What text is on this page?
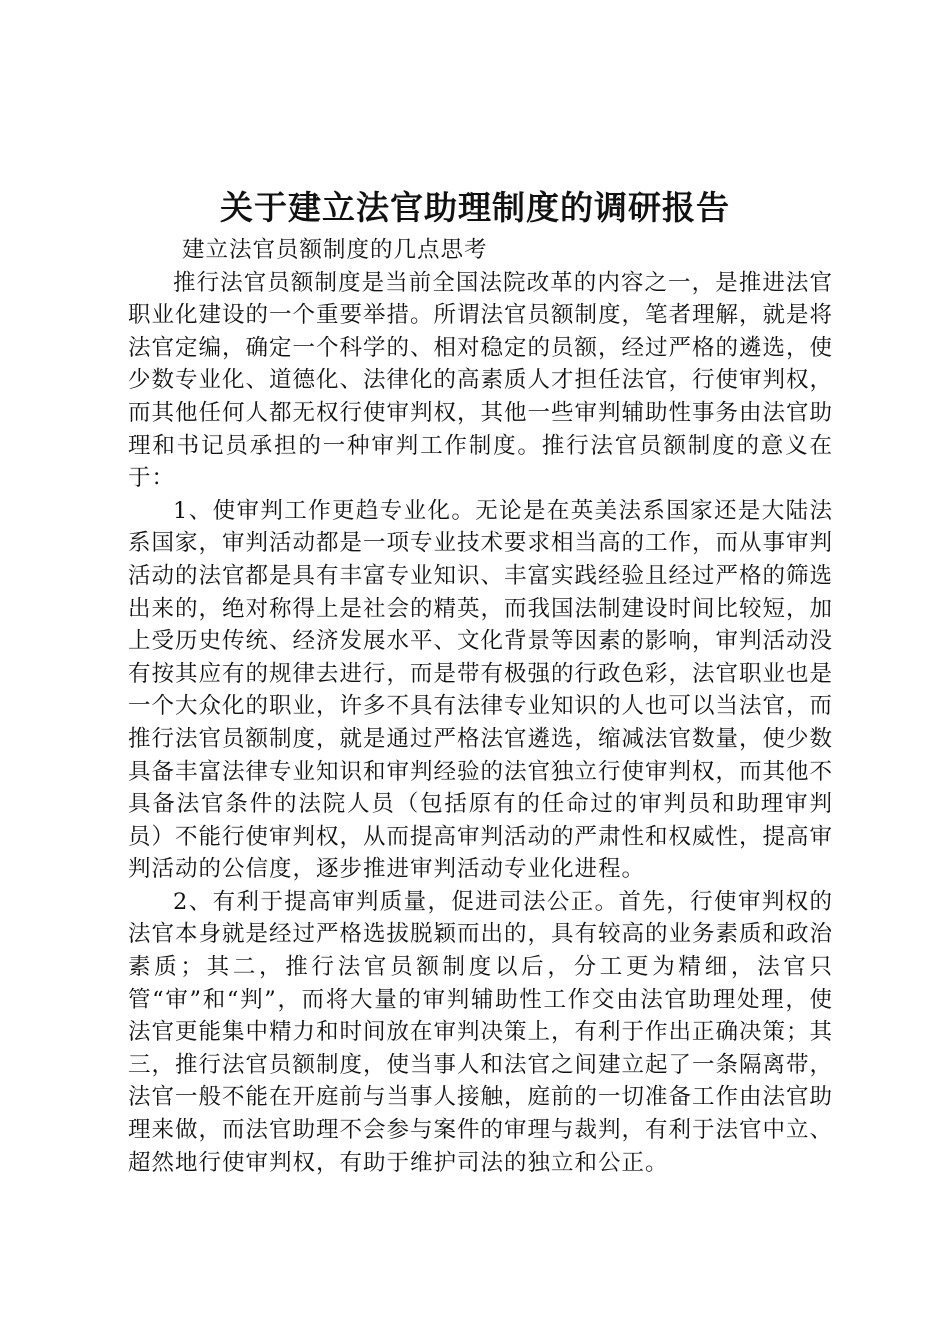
关于建立法官助理制度的调研报告

建立法官员额制度的几点思考

推行法官员额制度是当前全国法院改革的内容之一，是推进法官职业化建设的一个重要举措。所谓法官员额制度，笔者理解，就是将法官定编，确定一个科学的、相对稳定的员额，经过严格的遴选，使少数专业化、道德化、法律化的高素质人才担任法官，行使审判权，而其他任何人都无权行使审判权，其他一些审判辅助性事务由法官助理和书记员承担的一种审判工作制度。推行法官员额制度的意义在于：

1、使审判工作更趋专业化。无论是在英美法系国家还是大陆法系国家，审判活动都是一项专业技术要求相当高的工作，而从事审判活动的法官都是具有丰富专业知识、丰富实践经验且经过严格的筛选出来的，绝对称得上是社会的精英，而我国法制建设时间比较短，加上受历史传统、经济发展水平、文化背景等因素的影响，审判活动没有按其应有的规律去进行，而是带有极强的行政色彩，法官职业也是一个大众化的职业，许多不具有法律专业知识的人也可以当法官，而推行法官员额制度，就是通过严格法官遴选，缩减法官数量，使少数具备丰富法律专业知识和审判经验的法官独立行使审判权，而其他不具备法官条件的法院人员（包括原有的任命过的审判员和助理审判员）不能行使审判权，从而提高审判活动的严肃性和权威性，提高审判活动的公信度，逐步推进审判活动专业化进程。

2、有利于提高审判质量，促进司法公正。首先，行使审判权的法官本身就是经过严格选拔脱颖而出的，具有较高的业务素质和政治素质；其二，推行法官员额制度以后，分工更为精细，法官只管“审”和“判”，而将大量的审判辅助性工作交由法官助理处理，使法官更能集中精力和时间放在审判决策上，有利于作出正确决策；其三，推行法官员额制度，使当事人和法官之间建立起了一条隔离带，法官一般不能在开庭前与当事人接触，庭前的一切准备工作由法官助理来做，而法官助理不会参与案件的审理与裁判，有利于法官中立、超然地行使审判权，有助于维护司法的独立和公正。
